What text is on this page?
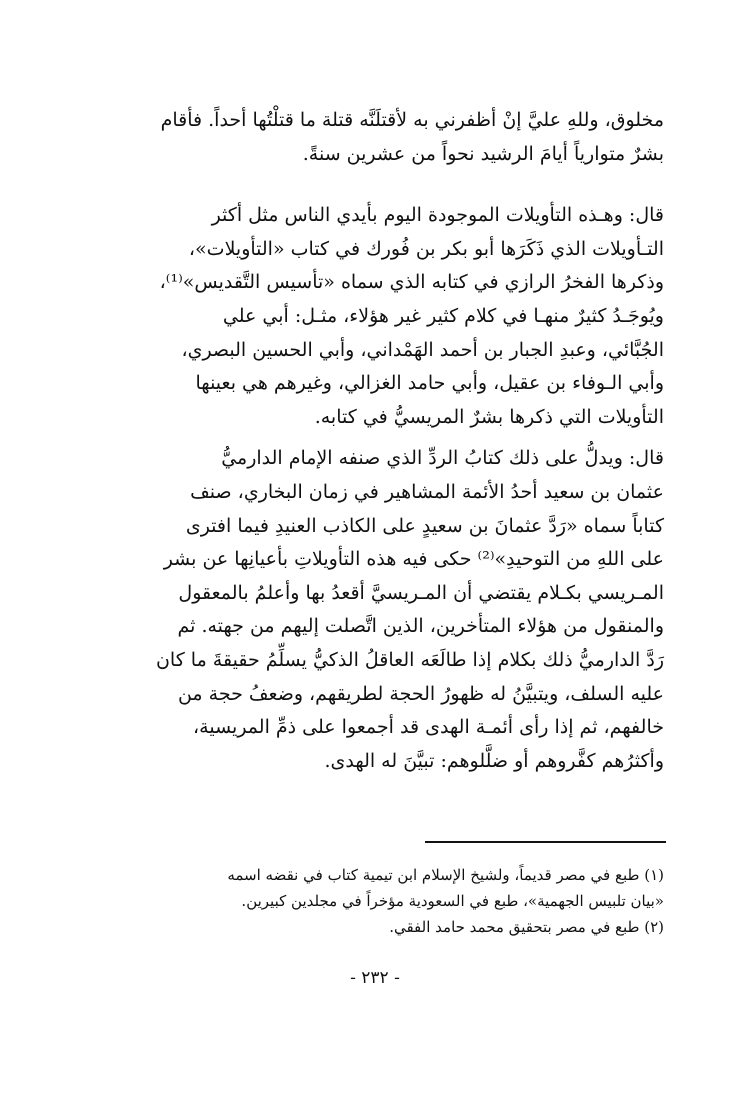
مخلوق، وللهِ عليَّ إنْ أظفرني به لأقتلَنَّه قتلة ما قتلْتُها أحداً. فأقام
بشرٌ متوارياً أيامَ الرشيد نحواً من عشرين سنةً.
قال: وهـذه التأويلات الموجودة اليوم بأيدي الناس مثل أكثر
التـأويلات الذي ذَكَرَها أبو بكر بن فُورك في كتاب «التأويلات»،
وذكرها الفخرُ الرازي في كتابه الذي سماه «تأسيس التَّقديس»⁽¹⁾،
ويُوجَـدُ كثيرٌ منهـا في كلام كثير غير هؤلاء، مثـل: أبي علي
الجُبَّائي، وعبدِ الجبار بن أحمد الهَمْداني، وأبي الحسين البصري،
وأبي الـوفاء بن عقيل، وأبي حامد الغزالي، وغيرهم هي بعينها
التأويلات التي ذكرها بشرٌ المريسيُّ في كتابه.
قال: ويدلُّ على ذلك كتابُ الردِّ الذي صنفه الإمام الدارميُّ
عثمان بن سعيد أحدُ الأئمة المشاهير في زمان البخاري، صنف
كتاباً سماه «رَدَّ عثمانَ بن سعيدٍ على الكاذب العنيدِ فيما افترى
على اللهِ من التوحيدِ»⁽²⁾ حكى فيه هذه التأويلاتِ بأعيانِها عن بشر
المـريسي بكـلام يقتضي أن المـريسيَّ أقعدُ بها وأعلمُ بالمعقول
والمنقول من هؤلاء المتأخرين، الذين اتَّصلت إليهم من جهته. ثم
رَدَّ الدارميُّ ذلك بكلام إذا طالَعَه العاقلُ الذكيُّ يسلِّمُ حقيقةَ ما كان
عليه السلف، ويتبيَّنُ له ظهورُ الحجة لطريقهم، وضعفُ حجة من
خالفهم، ثم إذا رأى أئمـة الهدى قد أجمعوا على ذمِّ المريسية،
وأكثرُهم كفَّروهم أو ضلَّلوهم: تبيَّنَ له الهدى.
(١) طبع في مصر قديماً، ولشيخ الإسلام ابن تيمية كتاب في نقضه اسمه
«بيان تلبيس الجهمية»، طبع في السعودية مؤخراً في مجلدين كبيرين.
(٢) طبع في مصر بتحقيق محمد حامد الفقي.
- ٢٣٢ -
